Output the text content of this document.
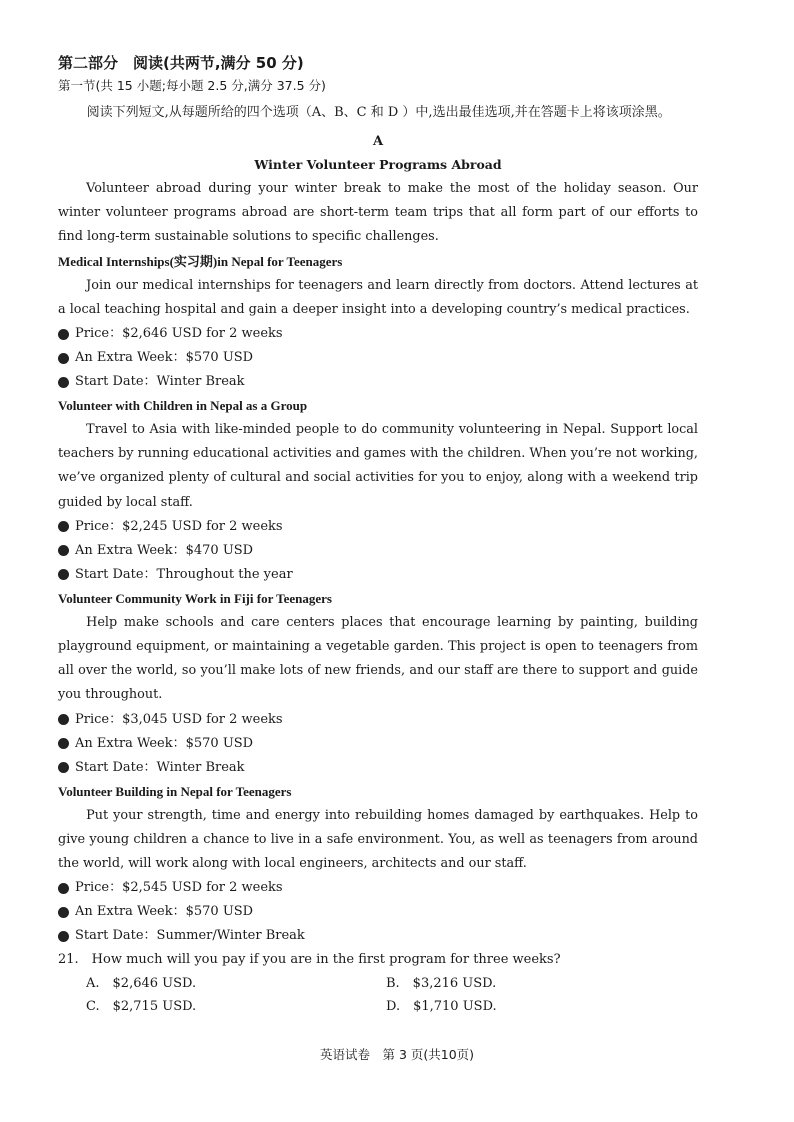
第二部分　阅读(共两节,满分 50 分)
第一节(共 15 小题;每小题 2.5 分,满分 37.5 分)

阅读下列短文,从每题所给的四个选项（A、B、C 和 D ）中,选出最佳选项,并在答题卡上将该项涂黑。

A
Winter Volunteer Programs Abroad

Volunteer abroad during your winter break to make the most of the holiday season. Our winter volunteer programs abroad are short-term team trips that all form part of our efforts to find long-term sustainable solutions to specific challenges.

Medical Internships(实习期)in Nepal for Teenagers

Join our medical internships for teenagers and learn directly from doctors. Attend lectures at a local teaching hospital and gain a deeper insight into a developing country’s medical practices.

Price：$2,646 USD for 2 weeks

An Extra Week：$570 USD

Start Date：Winter Break

Volunteer with Children in Nepal as a Group

Travel to Asia with like-minded people to do community volunteering in Nepal. Support local teachers by running educational activities and games with the children. When you’re not working, we’ve organized plenty of cultural and social activities for you to enjoy, along with a weekend trip guided by local staff.

Price：$2,245 USD for 2 weeks

An Extra Week：$470 USD

Start Date：Throughout the year

Volunteer Community Work in Fiji for Teenagers

Help make schools and care centers places that encourage learning by painting, building playground equipment, or maintaining a vegetable garden. This project is open to teenagers from all over the world, so you’ll make lots of new friends, and our staff are there to support and guide you throughout.

Price：$3,045 USD for 2 weeks

An Extra Week：$570 USD

Start Date：Winter Break

Volunteer Building in Nepal for Teenagers

Put your strength, time and energy into rebuilding homes damaged by earthquakes. Help to give young children a chance to live in a safe environment. You, as well as teenagers from around the world, will work along with local engineers, architects and our staff.

Price：$2,545 USD for 2 weeks

An Extra Week：$570 USD

Start Date：Summer/Winter Break

21.　How much will you pay if you are in the first program for three weeks?

A.　$2,646 USD.	B.　$3,216 USD.
C.　$2,715 USD.	D.　$1,710 USD.
英语试卷　第 3 页(共10页)
